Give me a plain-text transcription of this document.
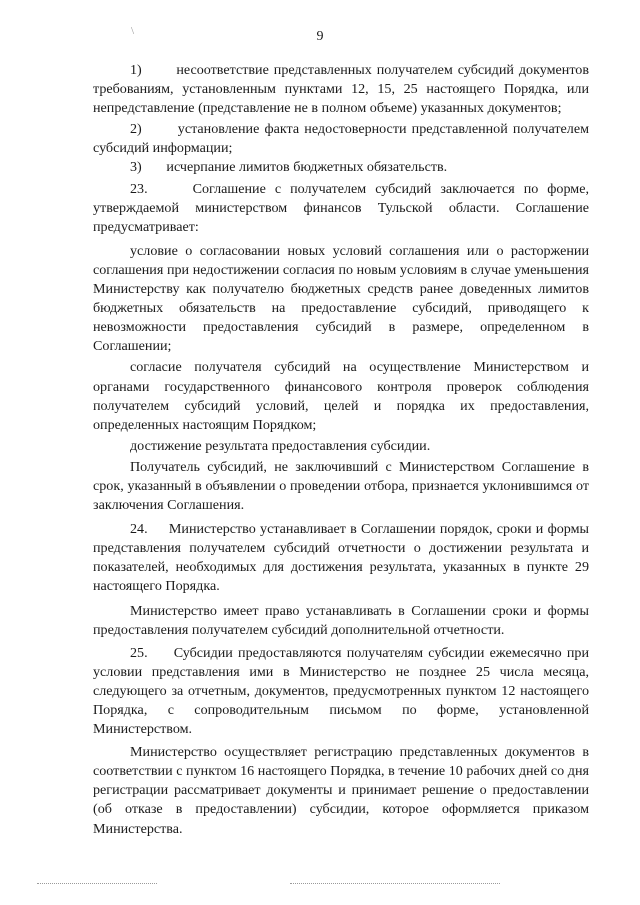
9
\

1)       несоответствие представленных получателем субсидий документов требованиям, установленным пунктами 12, 15, 25 настоящего Порядка, или непредставление (представление не в полном объеме) указанных документов;

2)       установление факта недостоверности представленной получателем субсидий информации;

3)       исчерпание лимитов бюджетных обязательств.

23.     Соглашение с получателем субсидий заключается по форме, утверждаемой министерством финансов Тульской области. Соглашение предусматривает:

условие о согласовании новых условий соглашения или о расторжении соглашения при недостижении согласия по новым условиям в случае уменьшения Министерству как получателю бюджетных средств ранее доведенных лимитов бюджетных обязательств на предоставление субсидий, приводящего к невозможности предоставления субсидий в размере, определенном в Соглашении;

согласие получателя субсидий на осуществление Министерством и органами государственного финансового контроля проверок соблюдения получателем субсидий условий, целей и порядка их предоставления, определенных настоящим Порядком;

достижение результата предоставления субсидии.

Получатель субсидий, не заключивший с Министерством Соглашение в срок, указанный в объявлении о проведении отбора, признается уклонившимся от заключения Соглашения.

24.     Министерство устанавливает в Соглашении порядок, сроки и формы представления получателем субсидий отчетности о достижении результата и показателей, необходимых для достижения результата, указанных в пункте 29 настоящего Порядка.

Министерство имеет право устанавливать в Соглашении сроки и формы предоставления получателем субсидий дополнительной отчетности.

25.     Субсидии предоставляются получателям субсидии ежемесячно при условии представления ими в Министерство не позднее 25 числа месяца, следующего за отчетным, документов, предусмотренных пунктом 12 настоящего Порядка, с сопроводительным письмом по форме, установленной Министерством.

Министерство осуществляет регистрацию представленных документов в соответствии с пунктом 16 настоящего Порядка, в течение 10 рабочих дней со дня регистрации рассматривает документы и принимает решение о предоставлении (об отказе в предоставлении) субсидии, которое оформляется приказом Министерства.
